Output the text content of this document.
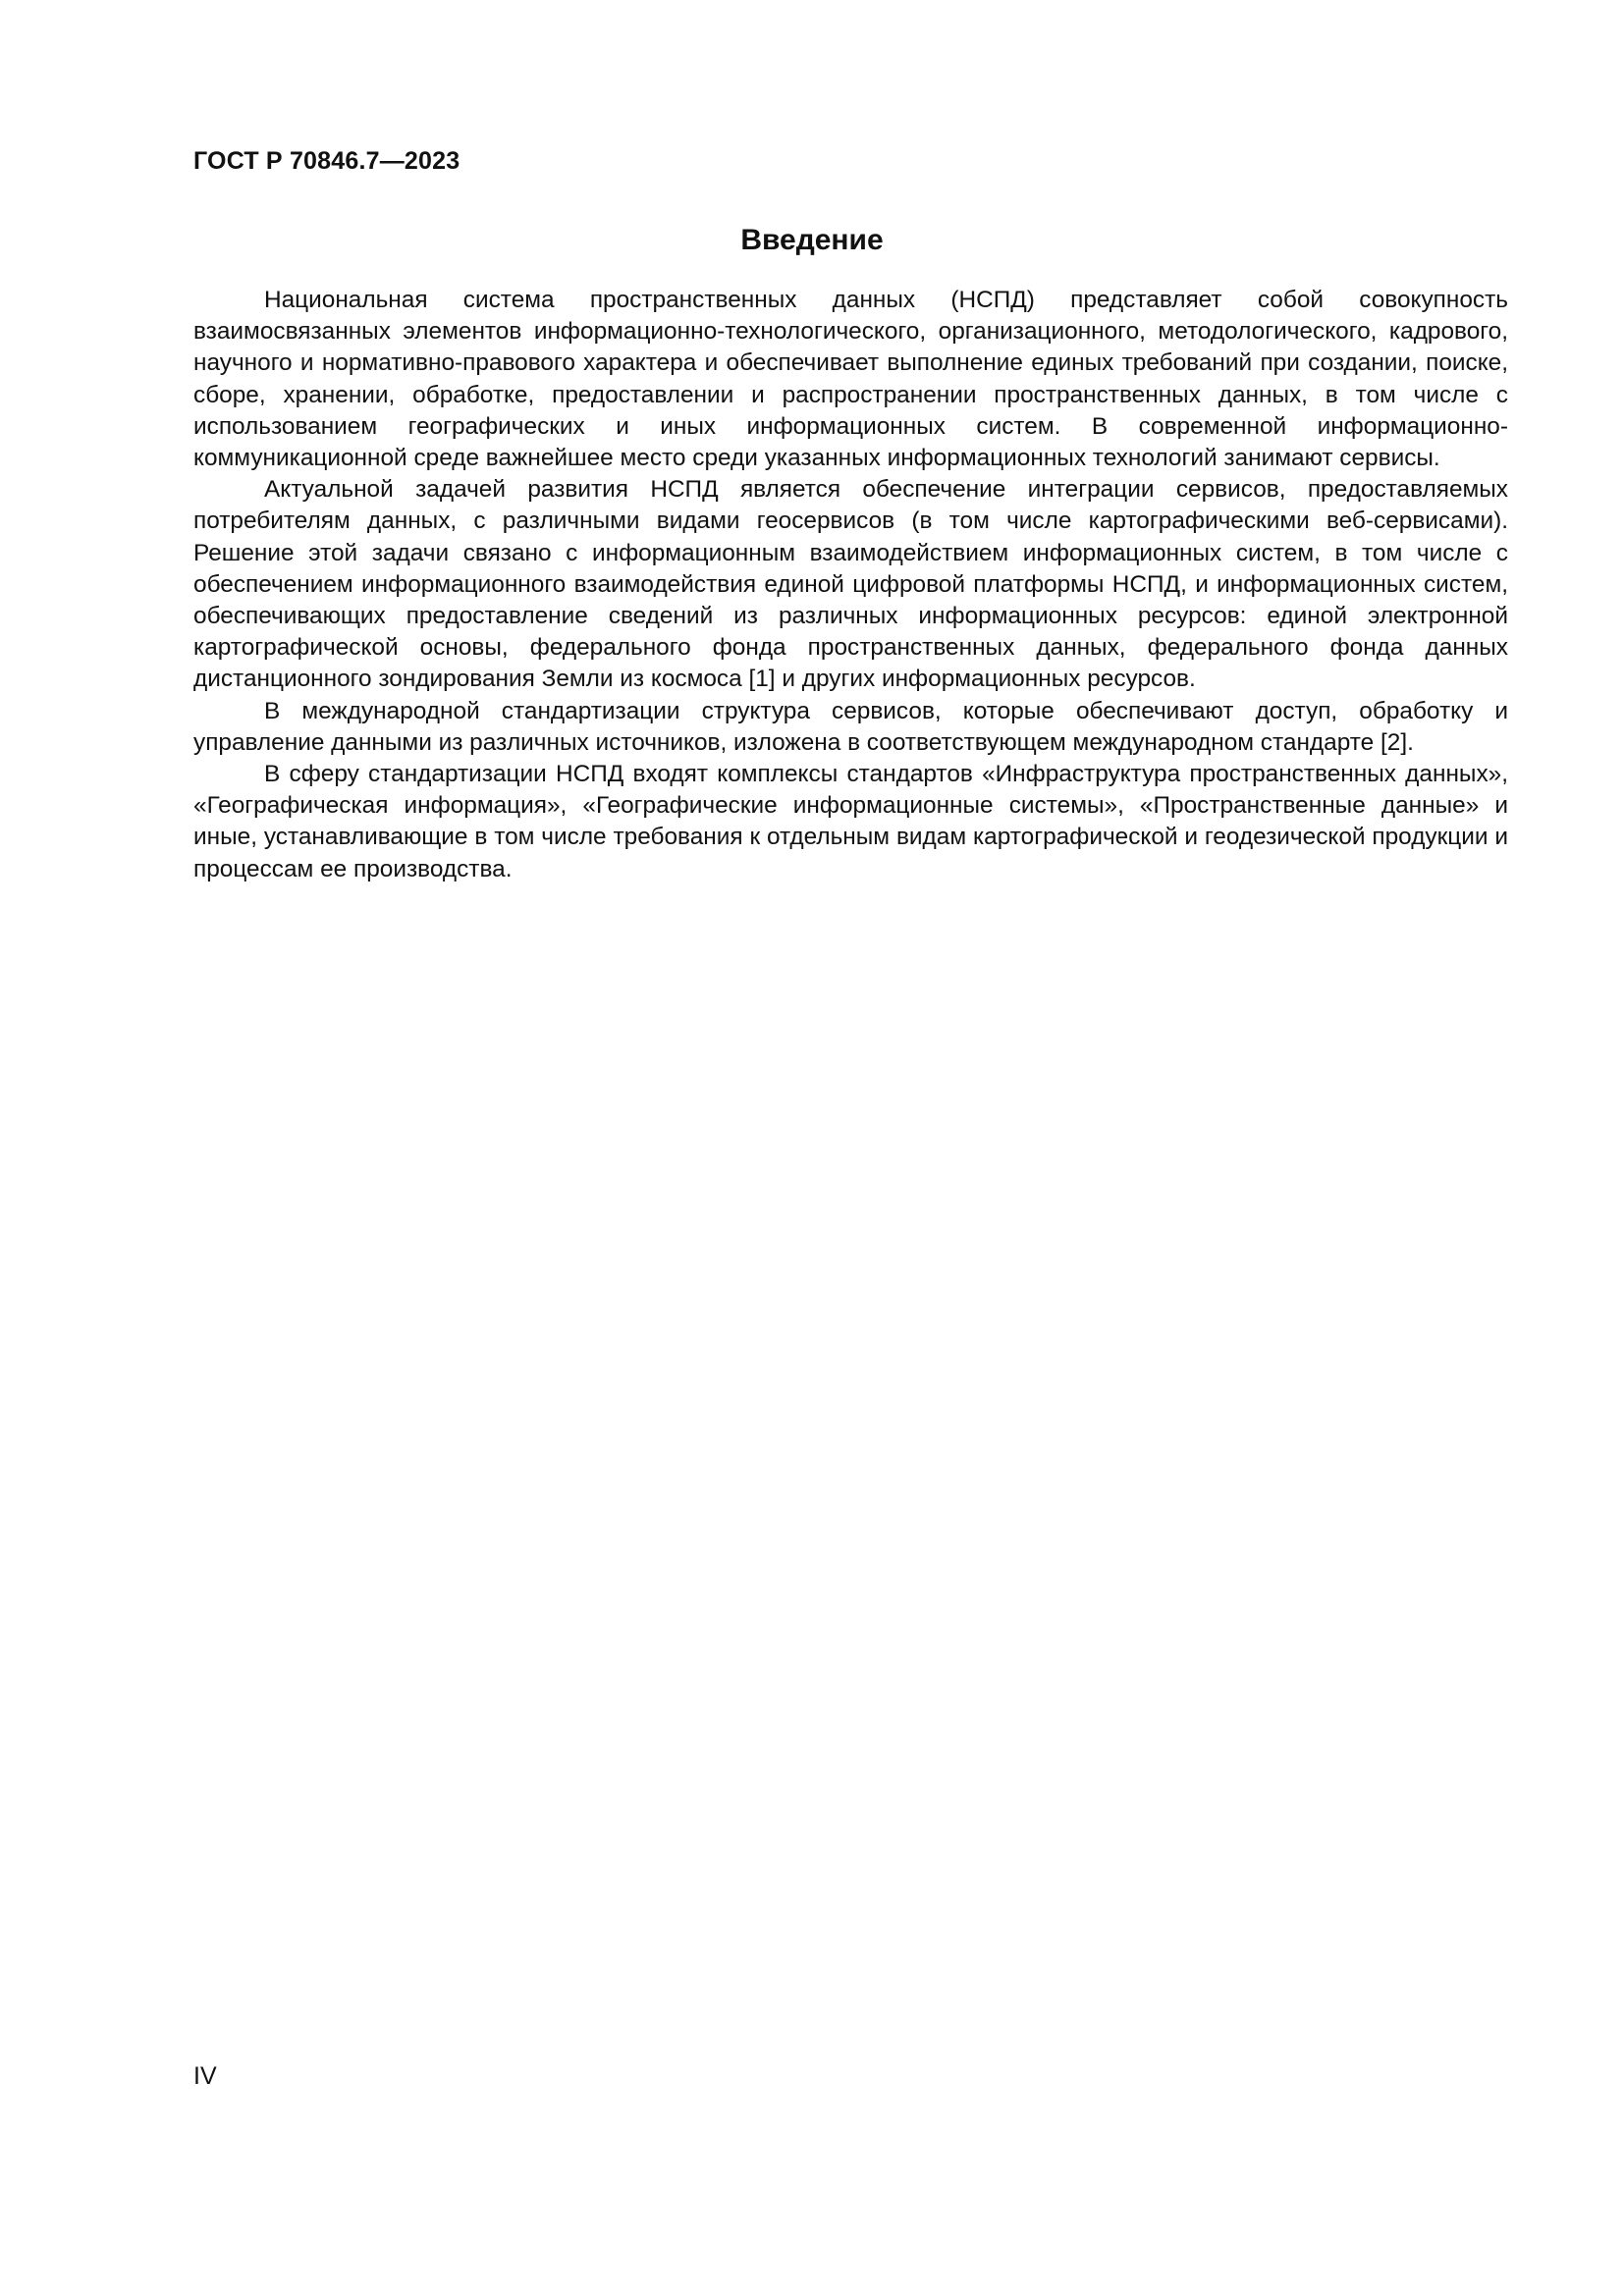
ГОСТ Р 70846.7—2023
Введение

Национальная система пространственных данных (НСПД) представляет собой совокупность взаимосвязанных элементов информационно-технологического, организационного, методологического, кадрового, научного и нормативно-правового характера и обеспечивает выполнение единых требований при создании, поиске, сборе, хранении, обработке, предоставлении и распространении пространственных данных, в том числе с использованием географических и иных информационных систем. В современной информационно-коммуникационной среде важнейшее место среди указанных информационных технологий занимают сервисы.

Актуальной задачей развития НСПД является обеспечение интеграции сервисов, предоставляемых потребителям данных, с различными видами геосервисов (в том числе картографическими веб-сервисами). Решение этой задачи связано с информационным взаимодействием информационных систем, в том числе с обеспечением информационного взаимодействия единой цифровой платформы НСПД, и информационных систем, обеспечивающих предоставление сведений из различных информационных ресурсов: единой электронной картографической основы, федерального фонда пространственных данных, федерального фонда данных дистанционного зондирования Земли из космоса [1] и других информационных ресурсов.

В международной стандартизации структура сервисов, которые обеспечивают доступ, обработку и управление данными из различных источников, изложена в соответствующем международном стандарте [2].

В сферу стандартизации НСПД входят комплексы стандартов «Инфраструктура пространственных данных», «Географическая информация», «Географические информационные системы», «Пространственные данные» и иные, устанавливающие в том числе требования к отдельным видам картографической и геодезической продукции и процессам ее производства.

IV
